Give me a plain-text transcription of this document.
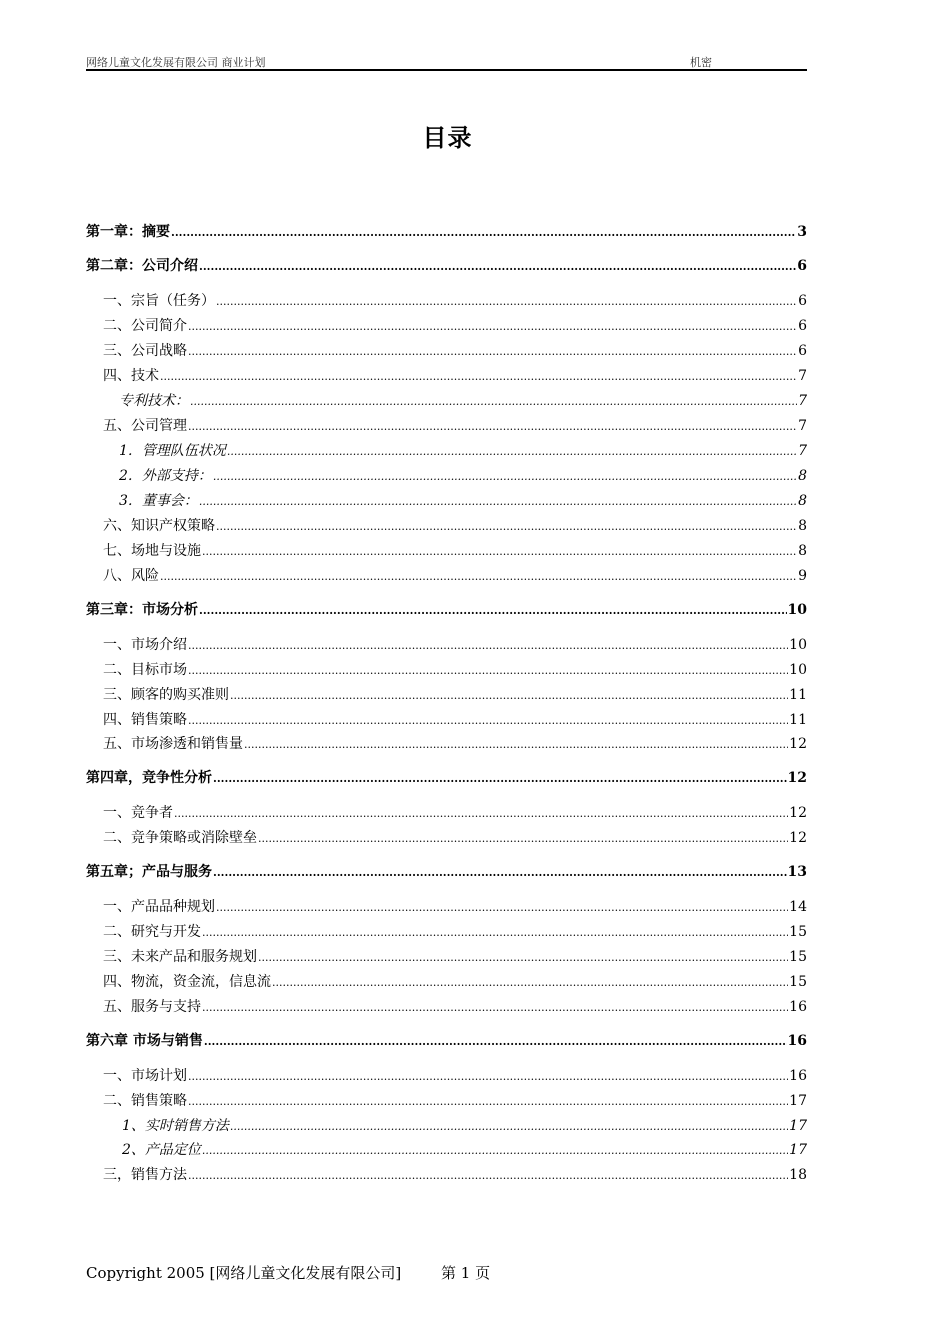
网络儿童文化发展有限公司 商业计划	机密
目录
第一章：摘要 .....	3
第二章：公司介绍 .....	6
一、宗旨（任务） .....	6
二、公司简介 .....	6
三、公司战略 .....	6
四、技术 .....	7
专利技术： .....	7
五、公司管理 .....	7
1．管理队伍状况 .....	7
2．外部支持： .....	8
3．董事会： .....	8
六、知识产权策略 .....	8
七、场地与设施 .....	8
八、风险 .....	9
第三章：市场分析 .....	10
一、市场介绍 .....	10
二、目标市场 .....	10
三、顾客的购买准则 .....	11
四、销售策略 .....	11
五、市场渗透和销售量 .....	12
第四章，竞争性分析 .....	12
一、竞争者 .....	12
二、竞争策略或消除壁垒 .....	12
第五章；产品与服务 .....	13
一、产品品种规划 .....	14
二、研究与开发 .....	15
三、未来产品和服务规划 .....	15
四、物流，资金流，信息流 .....	15
五、服务与支持 .....	16
第六章 市场与销售 .....	16
一、市场计划 .....	16
二、销售策略 .....	17
1、实时销售方法 .....	17
2、产品定位 .....	17
三，销售方法 .....	18
Copyright 2005 [网络儿童文化发展有限公司]	第 1 页
